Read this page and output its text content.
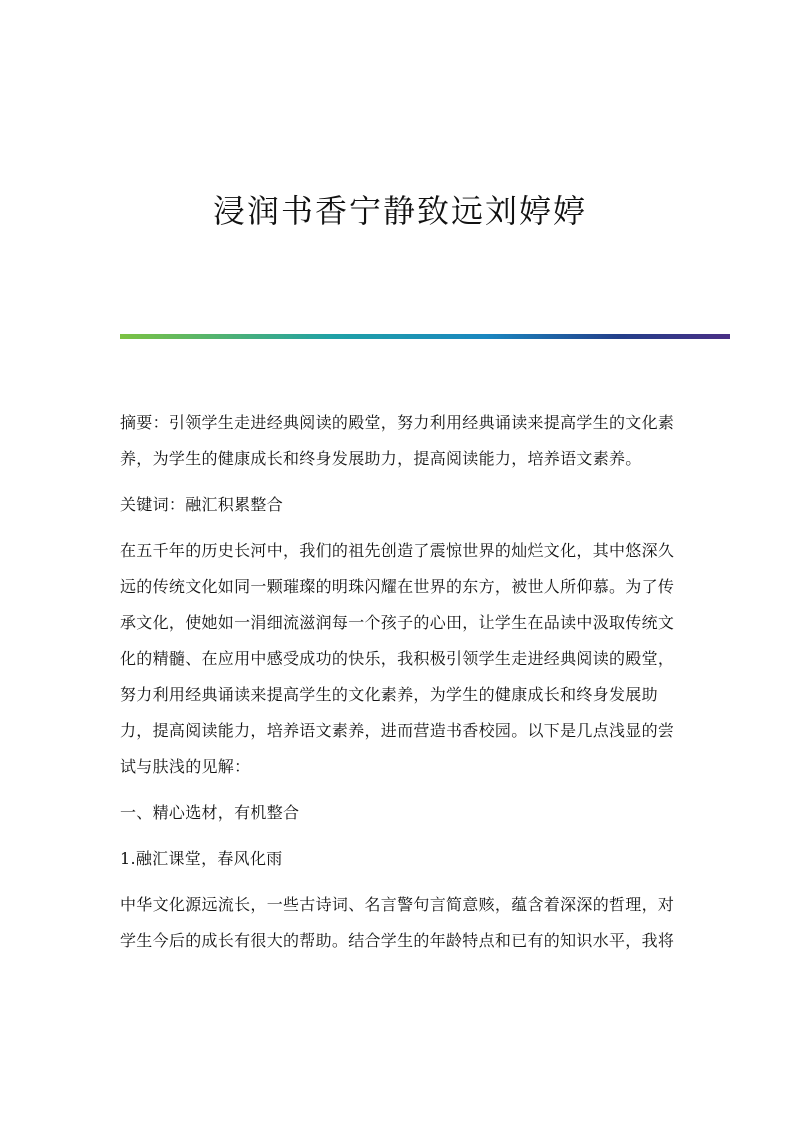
浸润书香宁静致远刘婷婷

摘要：引领学生走进经典阅读的殿堂，努力利用经典诵读来提高学生的文化素
养，为学生的健康成长和终身发展助力，提高阅读能力，培养语文素养。

关键词：融汇积累整合

在五千年的历史长河中，我们的祖先创造了震惊世界的灿烂文化，其中悠深久
远的传统文化如同一颗璀璨的明珠闪耀在世界的东方，被世人所仰慕。为了传
承文化，使她如一涓细流滋润每一个孩子的心田，让学生在品读中汲取传统文
化的精髓、在应用中感受成功的快乐，我积极引领学生走进经典阅读的殿堂，
努力利用经典诵读来提高学生的文化素养，为学生的健康成长和终身发展助
力，提高阅读能力，培养语文素养，进而营造书香校园。以下是几点浅显的尝
试与肤浅的见解：

一、精心选材，有机整合

1.融汇课堂，春风化雨

中华文化源远流长，一些古诗词、名言警句言简意赅，蕴含着深深的哲理，对
学生今后的成长有很大的帮助。结合学生的年龄特点和已有的知识水平，我将
